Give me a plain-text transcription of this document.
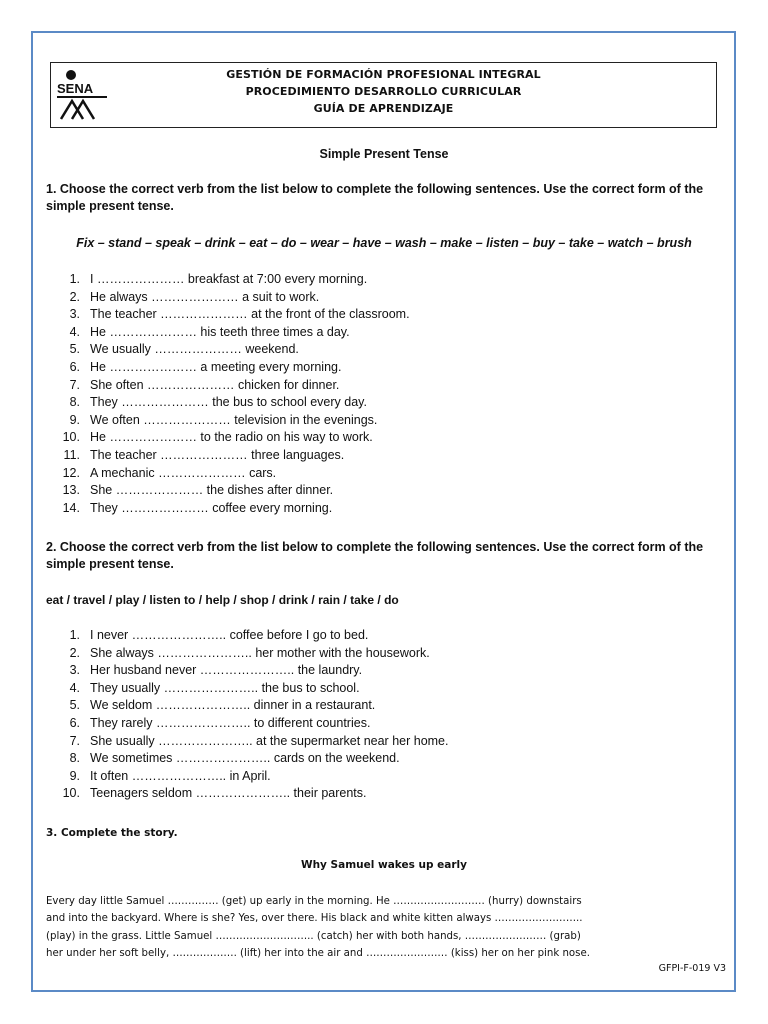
SENA
GESTIÓN DE FORMACIÓN PROFESIONAL INTEGRAL
PROCEDIMIENTO DESARROLLO CURRICULAR
GUÍA DE APRENDIZAJE
Simple Present Tense
1. Choose the correct verb from the list below to complete the following sentences. Use the correct form of the simple present tense.
Fix – stand – speak – drink – eat – do – wear – have – wash – make – listen – buy – take – watch – brush
1. I ………………… breakfast at 7:00 every morning.
2. He always ………………… a suit to work.
3. The teacher ………………… at the front of the classroom.
4. He ………………… his teeth three times a day.
5. We usually ………………… weekend.
6. He ………………… a meeting every morning.
7. She often ………………… chicken for dinner.
8. They ………………… the bus to school every day.
9. We often ………………… television in the evenings.
10. He ………………… to the radio on his way to work.
11. The teacher ………………… three languages.
12. A mechanic ………………… cars.
13. She ………………… the dishes after dinner.
14. They ………………… coffee every morning.
2. Choose the correct verb from the list below to complete the following sentences. Use the correct form of the simple present tense.
eat / travel / play / listen to / help / shop / drink / rain / take / do
1. I never ………………….. coffee before I go to bed.
2. She always ………………….. her mother with the housework.
3. Her husband never ………………….. the laundry.
4. They usually ………………….. the bus to school.
5. We seldom ………………….. dinner in a restaurant.
6. They rarely ………………….. to different countries.
7. She usually ………………….. at the supermarket near her home.
8. We sometimes ………………….. cards on the weekend.
9. It often ………………….. in April.
10. Teenagers seldom ………………….. their parents.
3. Complete the story.
Why Samuel wakes up early
Every day little Samuel …………… (get) up early in the morning. He ……………………… (hurry) downstairs
and into the backyard. Where is she? Yes, over there. His black and white kitten always ……………………..
(play) in the grass. Little Samuel ……………………….. (catch) her with both hands, …………………… (grab)
her under her soft belly, ………………. (lift) her into the air and …………………… (kiss) her on her pink nose.
GFPI-F-019 V3
